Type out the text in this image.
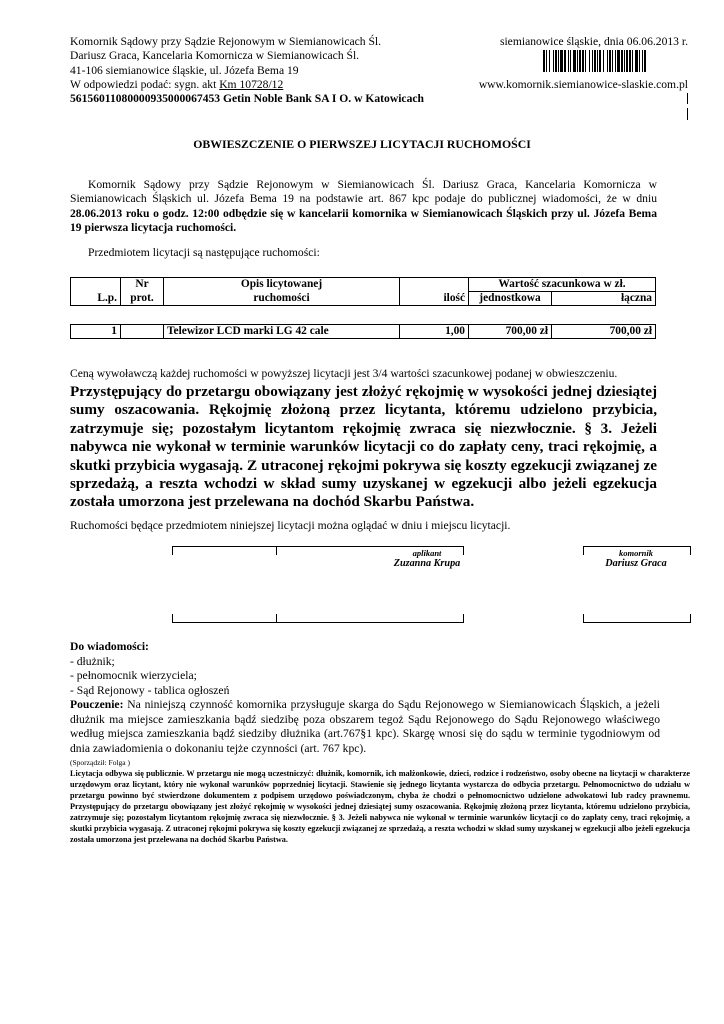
Komornik Sądowy przy Sądzie Rejonowym w Siemianowicach Śl.
Dariusz Graca, Kancelaria Komornicza w Siemianowicach Śl.
41-106 siemianowice śląskie, ul. Józefa Bema 19
W odpowiedzi podać: sygn. akt Km 10728/12
56156011080000935000067453 Getin Noble Bank SA I O. w Katowicach
siemianowice śląskie, dnia 06.06.2013 r.
www.komornik.siemianowice-slaskie.com.pl
OBWIESZCZENIE O PIERWSZEJ LICYTACJI RUCHOMOŚCI
Komornik Sądowy przy Sądzie Rejonowym w Siemianowicach Śl. Dariusz Graca, Kancelaria Komornicza w Siemianowicach Śląskich ul. Józefa Bema 19 na podstawie art. 867 kpc podaje do publicznej wiadomości, że w dniu 28.06.2013 roku o godz. 12:00 odbędzie się w kancelarii komornika w Siemianowicach Śląskich przy ul. Józefa Bema 19 pierwsza licytacja ruchomości.
Przedmiotem licytacji są następujące ruchomości:
	Nr	Opis licytowanej		Wartość szacunkowa w zł.	
L.p.	prot.	ruchomości	ilość	jednostkowa	łączna
1		Telewizor LCD marki LG 42 cale	1,00	700,00 zł	700,00 zł
Ceną wywoławczą każdej ruchomości w powyższej licytacji jest 3/4 wartości szacunkowej podanej w obwieszczeniu.
Przystępujący do przetargu obowiązany jest złożyć rękojmię w wysokości jednej dziesiątej sumy oszacowania. Rękojmię złożoną przez licytanta, któremu udzielono przybicia, zatrzymuje się; pozostałym licytantom rękojmię zwraca się niezwłocznie. § 3. Jeżeli nabywca nie wykonał w terminie warunków licytacji co do zapłaty ceny, traci rękojmię, a skutki przybicia wygasają. Z utraconej rękojmi pokrywa się koszty egzekucji związanej ze sprzedażą, a reszta wchodzi w skład sumy uzyskanej w egzekucji albo jeżeli egzekucja została umorzona jest przelewana na dochód Skarbu Państwa.
Ruchomości będące przedmiotem niniejszej licytacji można oglądać w dniu i miejscu licytacji.
aplikant
Zuzanna Krupa
komornik
Dariusz Graca
Do wiadomości:
- dłużnik;
- pełnomocnik wierzyciela;
- Sąd Rejonowy - tablica ogłoszeń
Pouczenie: Na niniejszą czynność komornika przysługuje skarga do Sądu Rejonowego w Siemianowicach Śląskich, a jeżeli dłużnik ma miejsce zamieszkania bądź siedzibę poza obszarem tegoż Sądu Rejonowego do Sądu Rejonowego właściwego według miejsca zamieszkania bądź siedziby dłużnika (art.767§1 kpc). Skargę wnosi się do sądu w terminie tygodniowym od dnia zawiadomienia o dokonaniu tejże czynności (art. 767 kpc).
(Sporządził: Folga )
Licytacja odbywa się publicznie. W przetargu nie mogą uczestniczyć: dłużnik, komornik, ich małżonkowie, dzieci, rodzice i rodzeństwo, osoby obecne na licytacji w charakterze urzędowym oraz licytant, który nie wykonał warunków poprzedniej licytacji. Stawienie się jednego licytanta wystarcza do odbycia przetargu. Pełnomocnictwo do udziału w przetargu powinno być stwierdzone dokumentem z podpisem urzędowo poświadczonym, chyba że chodzi o pełnomocnictwo udzielone adwokatowi lub radcy prawnemu. Przystępujący do przetargu obowiązany jest złożyć rękojmię w wysokości jednej dziesiątej sumy oszacowania. Rękojmię złożoną przez licytanta, któremu udzielono przybicia, zatrzymuje się; pozostałym licytantom rękojmię zwraca się niezwłocznie. § 3. Jeżeli nabywca nie wykonał w terminie warunków licytacji co do zapłaty ceny, traci rękojmię, a skutki przybicia wygasają. Z utraconej rękojmi pokrywa się koszty egzekucji związanej ze sprzedażą, a reszta wchodzi w skład sumy uzyskanej w egzekucji albo jeżeli egzekucja została umorzona jest przelewana na dochód Skarbu Państwa.
